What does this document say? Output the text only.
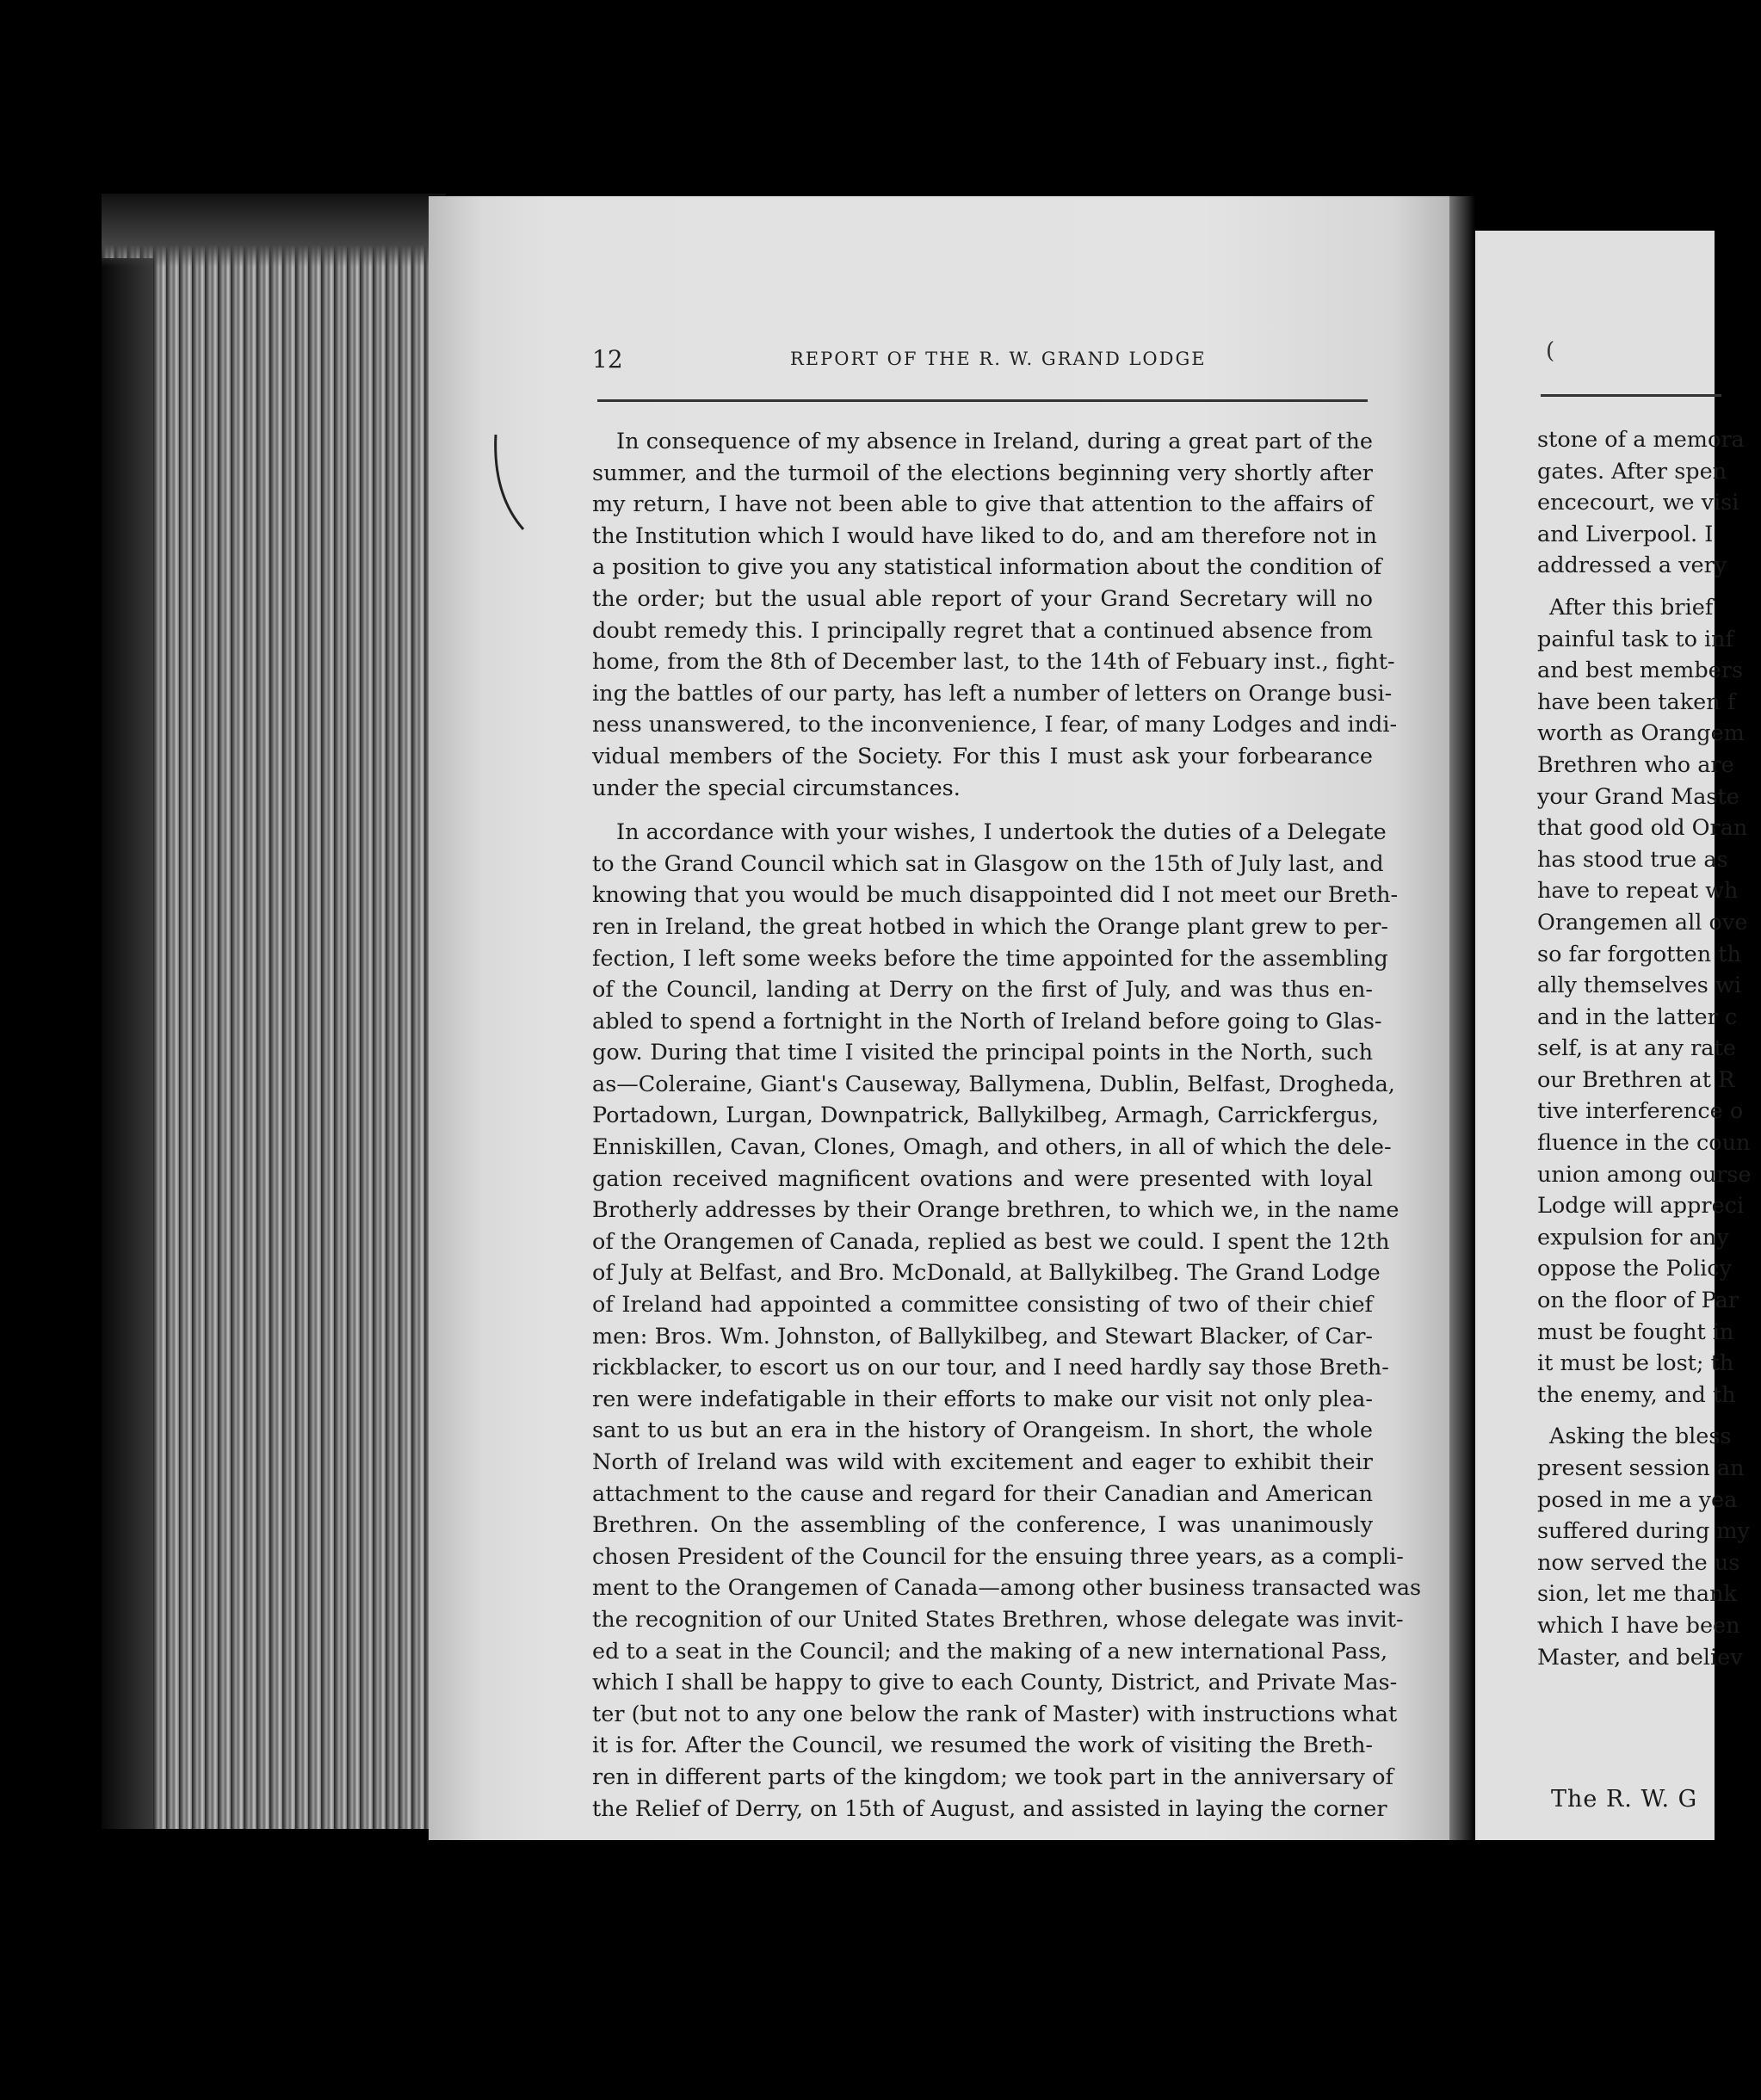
12	REPORT OF THE R. W. GRAND LODGE
In consequence of my absence in Ireland, during a great part of the
summer, and the turmoil of the elections beginning very shortly after
my return, I have not been able to give that attention to the affairs of
the Institution which I would have liked to do, and am therefore not in
a position to give you any statistical information about the condition of
the order; but the usual able report of your Grand Secretary will no
doubt remedy this. I principally regret that a continued absence from
home, from the 8th of December last, to the 14th of Febuary inst., fight-
ing the battles of our party, has left a number of letters on Orange busi-
ness unanswered, to the inconvenience, I fear, of many Lodges and indi-
vidual members of the Society. For this I must ask your forbearance
under the special circumstances.
In accordance with your wishes, I undertook the duties of a Delegate
to the Grand Council which sat in Glasgow on the 15th of July last, and
knowing that you would be much disappointed did I not meet our Breth-
ren in Ireland, the great hotbed in which the Orange plant grew to per-
fection, I left some weeks before the time appointed for the assembling
of the Council, landing at Derry on the first of July, and was thus en-
abled to spend a fortnight in the North of Ireland before going to Glas-
gow. During that time I visited the principal points in the North, such
as—Coleraine, Giant's Causeway, Ballymena, Dublin, Belfast, Drogheda,
Portadown, Lurgan, Downpatrick, Ballykilbeg, Armagh, Carrickfergus,
Enniskillen, Cavan, Clones, Omagh, and others, in all of which the dele-
gation received magnificent ovations and were presented with loyal
Brotherly addresses by their Orange brethren, to which we, in the name
of the Orangemen of Canada, replied as best we could. I spent the 12th
of July at Belfast, and Bro. McDonald, at Ballykilbeg. The Grand Lodge
of Ireland had appointed a committee consisting of two of their chief
men: Bros. Wm. Johnston, of Ballykilbeg, and Stewart Blacker, of Car-
rickblacker, to escort us on our tour, and I need hardly say those Breth-
ren were indefatigable in their efforts to make our visit not only plea-
sant to us but an era in the history of Orangeism. In short, the whole
North of Ireland was wild with excitement and eager to exhibit their
attachment to the cause and regard for their Canadian and American
Brethren. On the assembling of the conference, I was unanimously
chosen President of the Council for the ensuing three years, as a compli-
ment to the Orangemen of Canada—among other business transacted was
the recognition of our United States Brethren, whose delegate was invit-
ed to a seat in the Council; and the making of a new international Pass,
which I shall be happy to give to each County, District, and Private Mas-
ter (but not to any one below the rank of Master) with instructions what
it is for. After the Council, we resumed the work of visiting the Breth-
ren in different parts of the kingdom; we took part in the anniversary of
the Relief of Derry, on 15th of August, and assisted in laying the corner
(
stone of a memora
gates. After spen
encecourt, we visi
and Liverpool. I
addressed a very
After this brief
painful task to inf
and best members
have been taken f
worth as Orangem
Brethren who are
your Grand Maste
that good old Oran
has stood true as
have to repeat wh
Orangemen all ove
so far forgotten th
ally themselves wi
and in the latter c
self, is at any rate
our Brethren at R
tive interference o
fluence in the coun
union among ourse
Lodge will appreci
expulsion for any
oppose the Policy
on the floor of Par
must be fought in
it must be lost; th
the enemy, and th
Asking the bless
present session an
posed in me a yea
suffered during my
now served the us
sion, let me thank
which I have been
Master, and believ
The R. W. G
